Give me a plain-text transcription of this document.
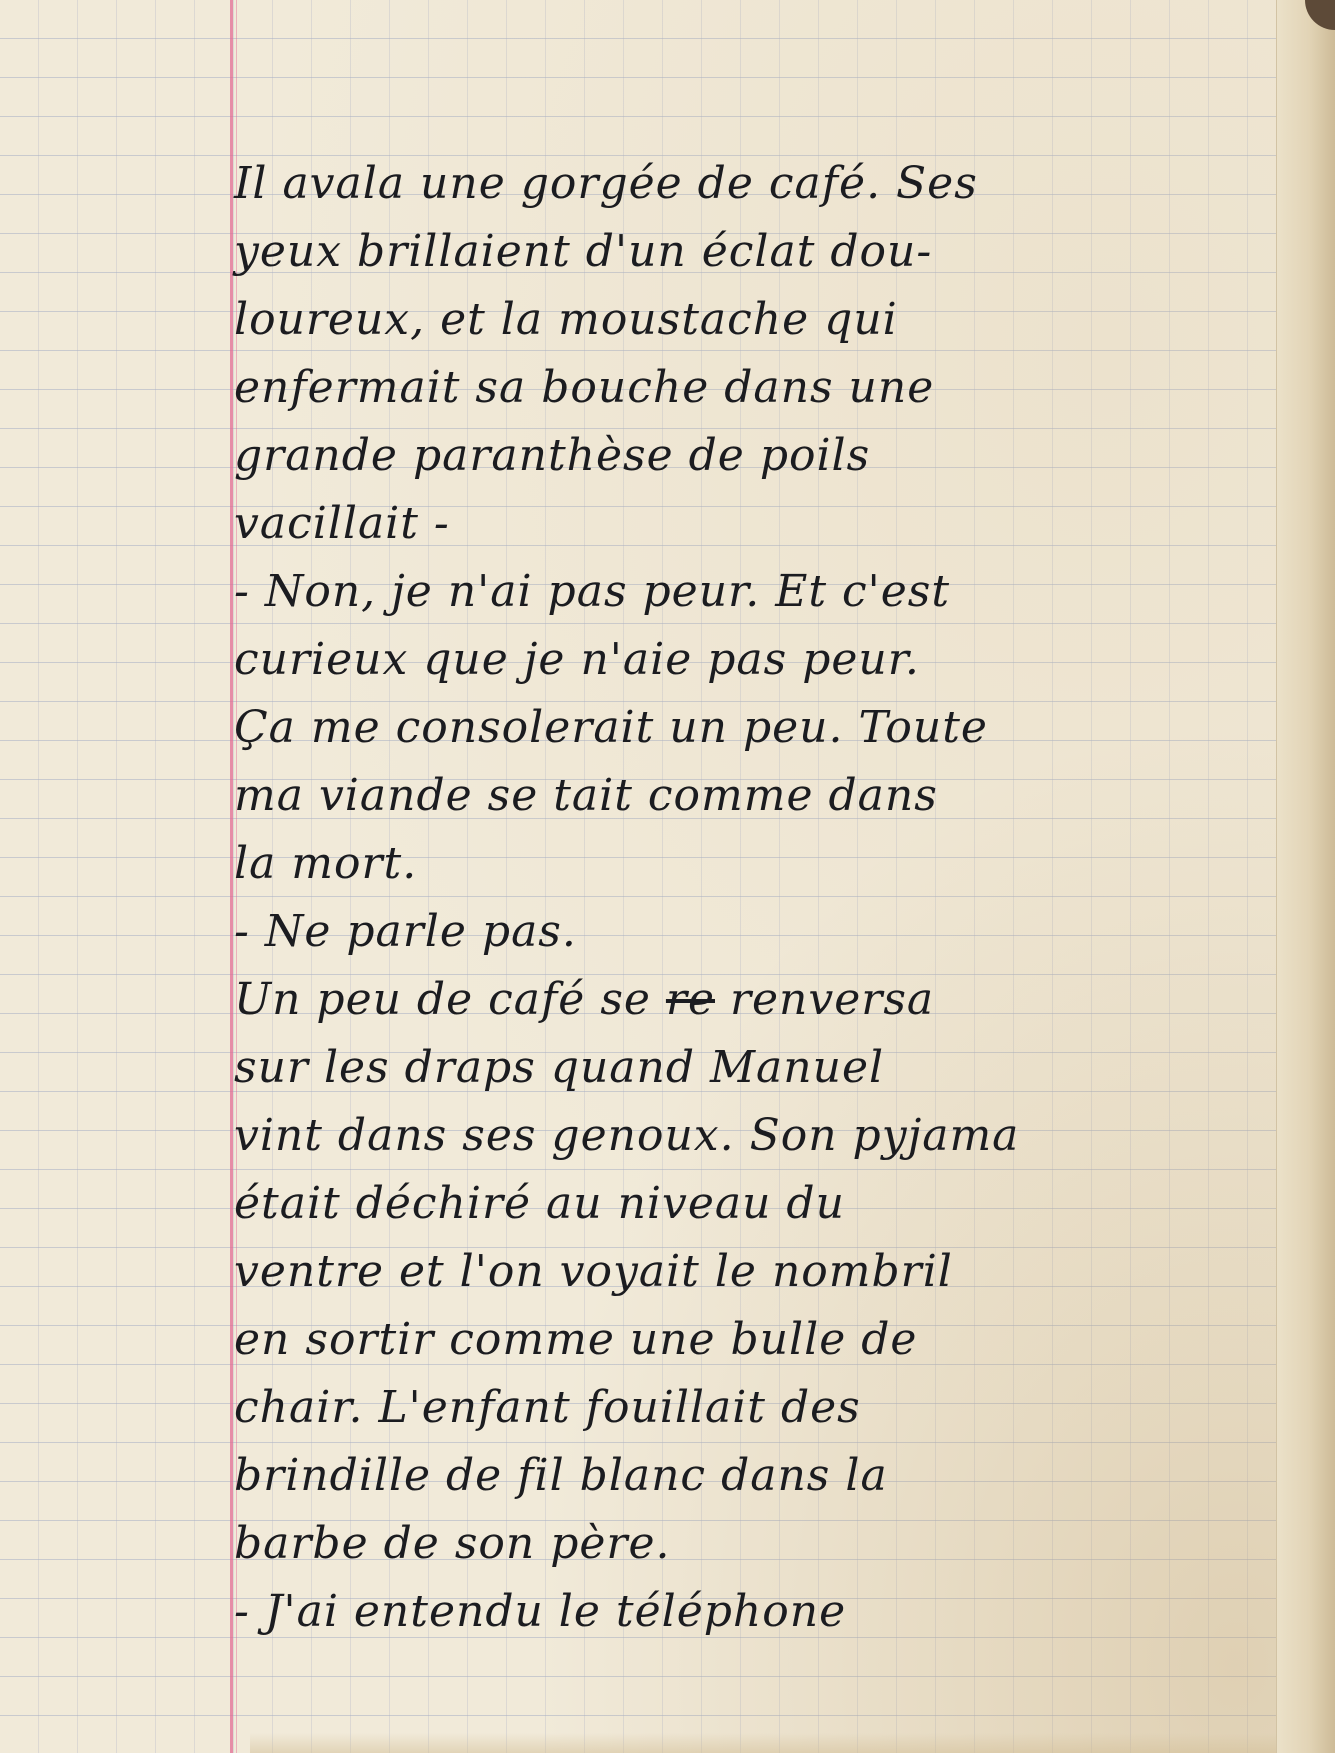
Il avala une gorgée de café. Ses
yeux brillaient d'un éclat dou-
loureux, et la moustache qui
enfermait sa bouche dans une
grande paranthèse de poils
vacillait -
- Non, je n'ai pas peur. Et c'est
curieux que je n'aie pas peur.
Ça me consolerait un peu. Toute
ma viande se tait comme dans
la mort.
- Ne parle pas.
Un peu de café se re renversa
sur les draps quand Manuel
vint dans ses genoux. Son pyjama
était déchiré au niveau du
ventre et l'on voyait le nombril
en sortir comme une bulle de
chair. L'enfant fouillait des
brindille de fil blanc dans la
barbe de son père.
- J'ai entendu le téléphone
